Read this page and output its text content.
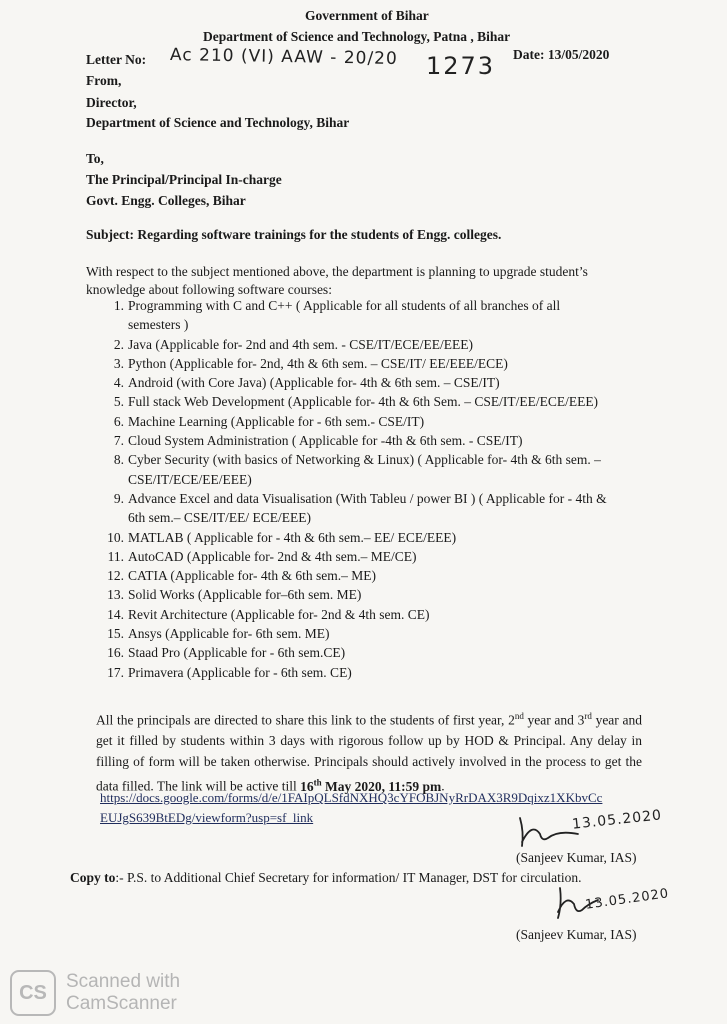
Government of Bihar
Department of Science and Technology, Patna , Bihar
Letter No: Ac 210 (VI) AAW - 20/20 1273 Date: 13/05/2020
From,
Director,
Department of Science and Technology, Bihar
To,
The Principal/Principal In-charge
Govt. Engg. Colleges, Bihar
Subject: Regarding software trainings for the students of Engg. colleges.
With respect to the subject mentioned above, the department is planning to upgrade student’s
knowledge about following software courses:
1. Programming with C and C++ ( Applicable for all students of all branches of all
semesters )
2. Java (Applicable for- 2nd and 4th sem. - CSE/IT/ECE/EE/EEE)
3. Python (Applicable for- 2nd, 4th & 6th sem. – CSE/IT/ EE/EEE/ECE)
4. Android (with Core Java) (Applicable for- 4th & 6th sem. – CSE/IT)
5. Full stack Web Development (Applicable for- 4th & 6th Sem. – CSE/IT/EE/ECE/EEE)
6. Machine Learning (Applicable for - 6th sem.- CSE/IT)
7. Cloud System Administration ( Applicable for -4th & 6th sem. - CSE/IT)
8. Cyber Security (with basics of Networking & Linux) ( Applicable for- 4th & 6th sem. –
CSE/IT/ECE/EE/EEE)
9. Advance Excel and data Visualisation (With Tableu / power BI ) ( Applicable for - 4th &
6th sem.– CSE/IT/EE/ ECE/EEE)
10. MATLAB ( Applicable for - 4th & 6th sem.– EE/ ECE/EEE)
11. AutoCAD (Applicable for- 2nd & 4th sem.– ME/CE)
12. CATIA (Applicable for- 4th & 6th sem.– ME)
13. Solid Works (Applicable for–6th sem. ME)
14. Revit Architecture (Applicable for- 2nd & 4th sem. CE)
15. Ansys (Applicable for- 6th sem. ME)
16. Staad Pro (Applicable for - 6th sem.CE)
17. Primavera (Applicable for - 6th sem. CE)
All the principals are directed to share this link to the students of first year, 2nd year and 3rd year and get it filled by students within 3 days with rigorous follow up by HOD & Principal. Any delay in filling of form will be taken otherwise. Principals should actively involved in the process to get the data filled. The link will be active till 16th May 2020, 11:59 pm.
https://docs.google.com/forms/d/e/1FAIpQLSfdNXHQ3cYFOBJNyRrDAX3R9Dqixz1XKbvCc
EUJgS639BtEDg/viewform?usp=sf_link	13.05.2020
(Sanjeev Kumar, IAS)
Copy to:- P.S. to Additional Chief Secretary for information/ IT Manager, DST for circulation.
13.05.2020
(Sanjeev Kumar, IAS)
CS	Scanned with
CamScanner
